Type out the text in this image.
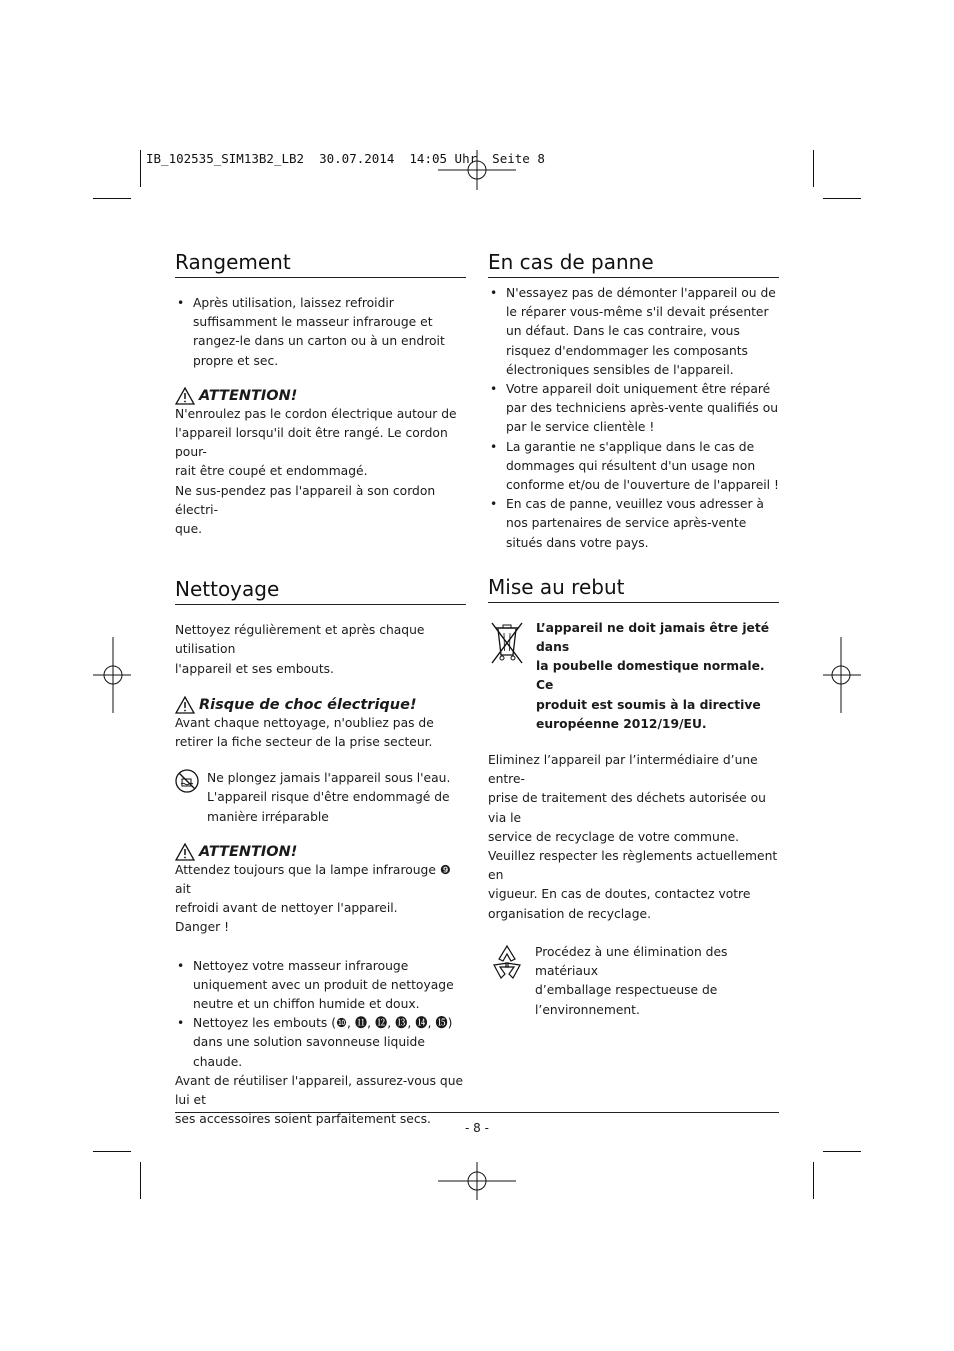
IB_102535_SIM13B2_LB2  30.07.2014  14:05 Uhr  Seite 8
Rangement
• Après utilisation, laissez refroidir suffisamment le masseur infrarouge et rangez-le dans un carton ou à un endroit propre et sec.
ATTENTION!

N'enroulez pas le cordon électrique autour de

l'appareil lorsqu'il doit être rangé. Le cordon pour-

rait être coupé et endommagé.

Ne sus-pendez pas l'appareil à son cordon électri-

que.

Nettoyage

Nettoyez régulièrement et après chaque utilisation

l'appareil et ses embouts.

Risque de choc électrique!

Avant chaque nettoyage, n'oubliez pas de

retirer la fiche secteur de la prise secteur.

Ne plongez jamais l'appareil sous l'eau.

L'appareil risque d'être endommagé de

manière irréparable

ATTENTION!

Attendez toujours que la lampe infrarouge ❾ ait

refroidi avant de nettoyer l'appareil.

Danger !

• Nettoyez votre masseur infrarouge uniquement avec un produit de nettoyage neutre et un chiffon humide et doux.
• Nettoyez les embouts (❿, ⓫, ⓬, ⓭, ⓮, ⓯) dans une solution savonneuse liquide chaude.

Avant de réutiliser l'appareil, assurez-vous que lui et

ses accessoires soient parfaitement secs.

En cas de panne
• N'essayez pas de démonter l'appareil ou de le réparer vous-même s'il devait présenter un défaut. Dans le cas contraire, vous risquez d'endommager les composants électroniques sensibles de l'appareil.
• Votre appareil doit uniquement être réparé par des techniciens après-vente qualifiés ou par le service clientèle !
• La garantie ne s'applique dans le cas de dommages qui résultent d'un usage non conforme et/ou de l'ouverture de l'appareil !
• En cas de panne, veuillez vous adresser à nos partenaires de service après-vente situés dans votre pays.
Mise au rebut

L’appareil ne doit jamais être jeté dans

la poubelle domestique normale. Ce

produit est soumis à la directive

européenne 2012/19/EU.

Eliminez l’appareil par l’intermédiaire d’une entre-

prise de traitement des déchets autorisée ou via le

service de recyclage de votre commune.

Veuillez respecter les règlements actuellement en

vigueur. En cas de doutes, contactez votre

organisation de recyclage.

Procédez à une élimination des matériaux

d’emballage respectueuse de

l’environnement.

- 8 -
